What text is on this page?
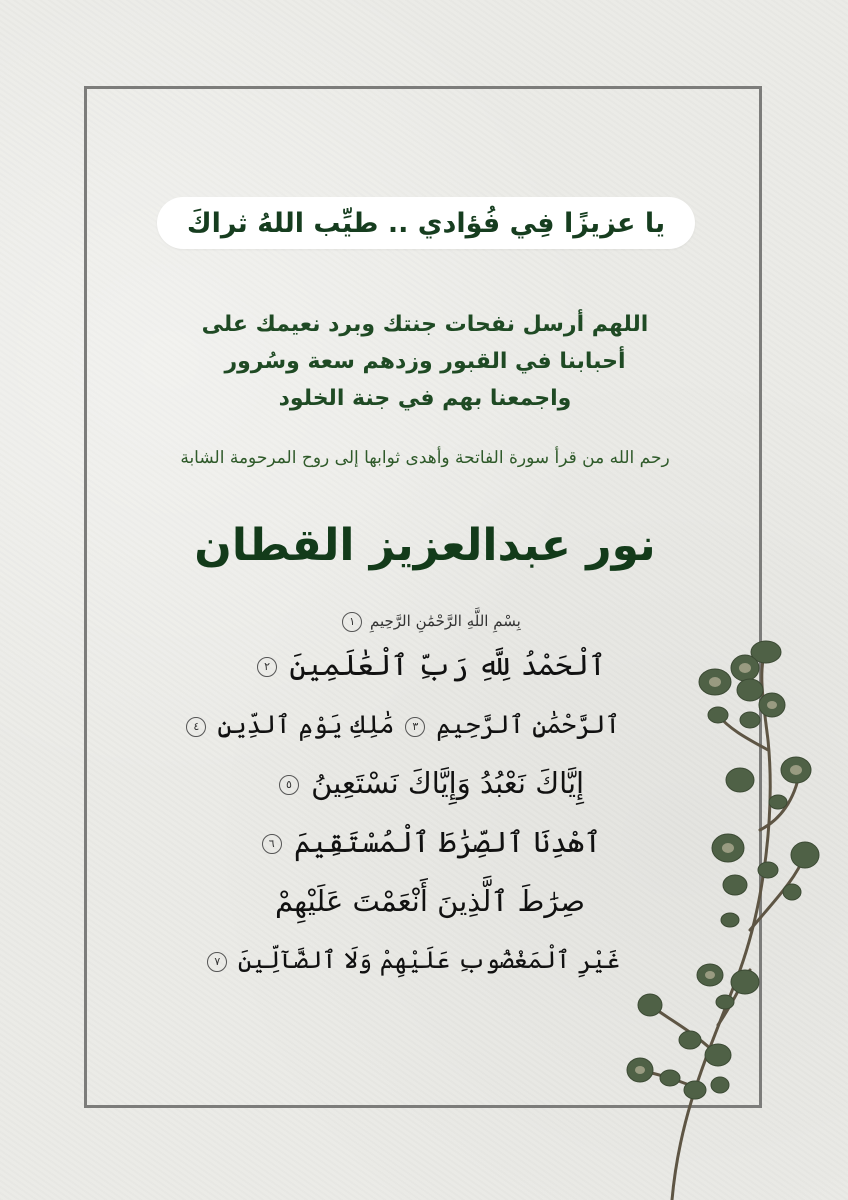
يا عزيزًا فِي فُؤادي .. طيِّب اللهُ ثراكَ
اللهم أرسل نفحات جنتك وبرد نعيمك على
أحبابنا في القبور وزدهم سعة وسُرور
واجمعنا بهم في جنة الخلود
رحم الله من قرأ سورة الفاتحة وأهدى ثوابها إلى روح المرحومة الشابة
نور عبدالعزيز القطان
بِسْمِ اللَّهِ الرَّحْمَٰنِ الرَّحِيمِ ١
ٱلْحَمْدُ لِلَّهِ رَبِّ ٱلْعَٰلَمِينَ ٢
ٱلرَّحْمَٰنِ ٱلرَّحِيمِ ٣ مَٰلِكِ يَوْمِ ٱلدِّينِ ٤
إِيَّاكَ نَعْبُدُ وَإِيَّاكَ نَسْتَعِينُ ٥
ٱهْدِنَا ٱلصِّرَٰطَ ٱلْمُسْتَقِيمَ ٦
صِرَٰطَ ٱلَّذِينَ أَنْعَمْتَ عَلَيْهِمْ
غَيْرِ ٱلْمَغْضُوبِ عَلَيْهِمْ وَلَا ٱلضَّآلِّينَ ٧
